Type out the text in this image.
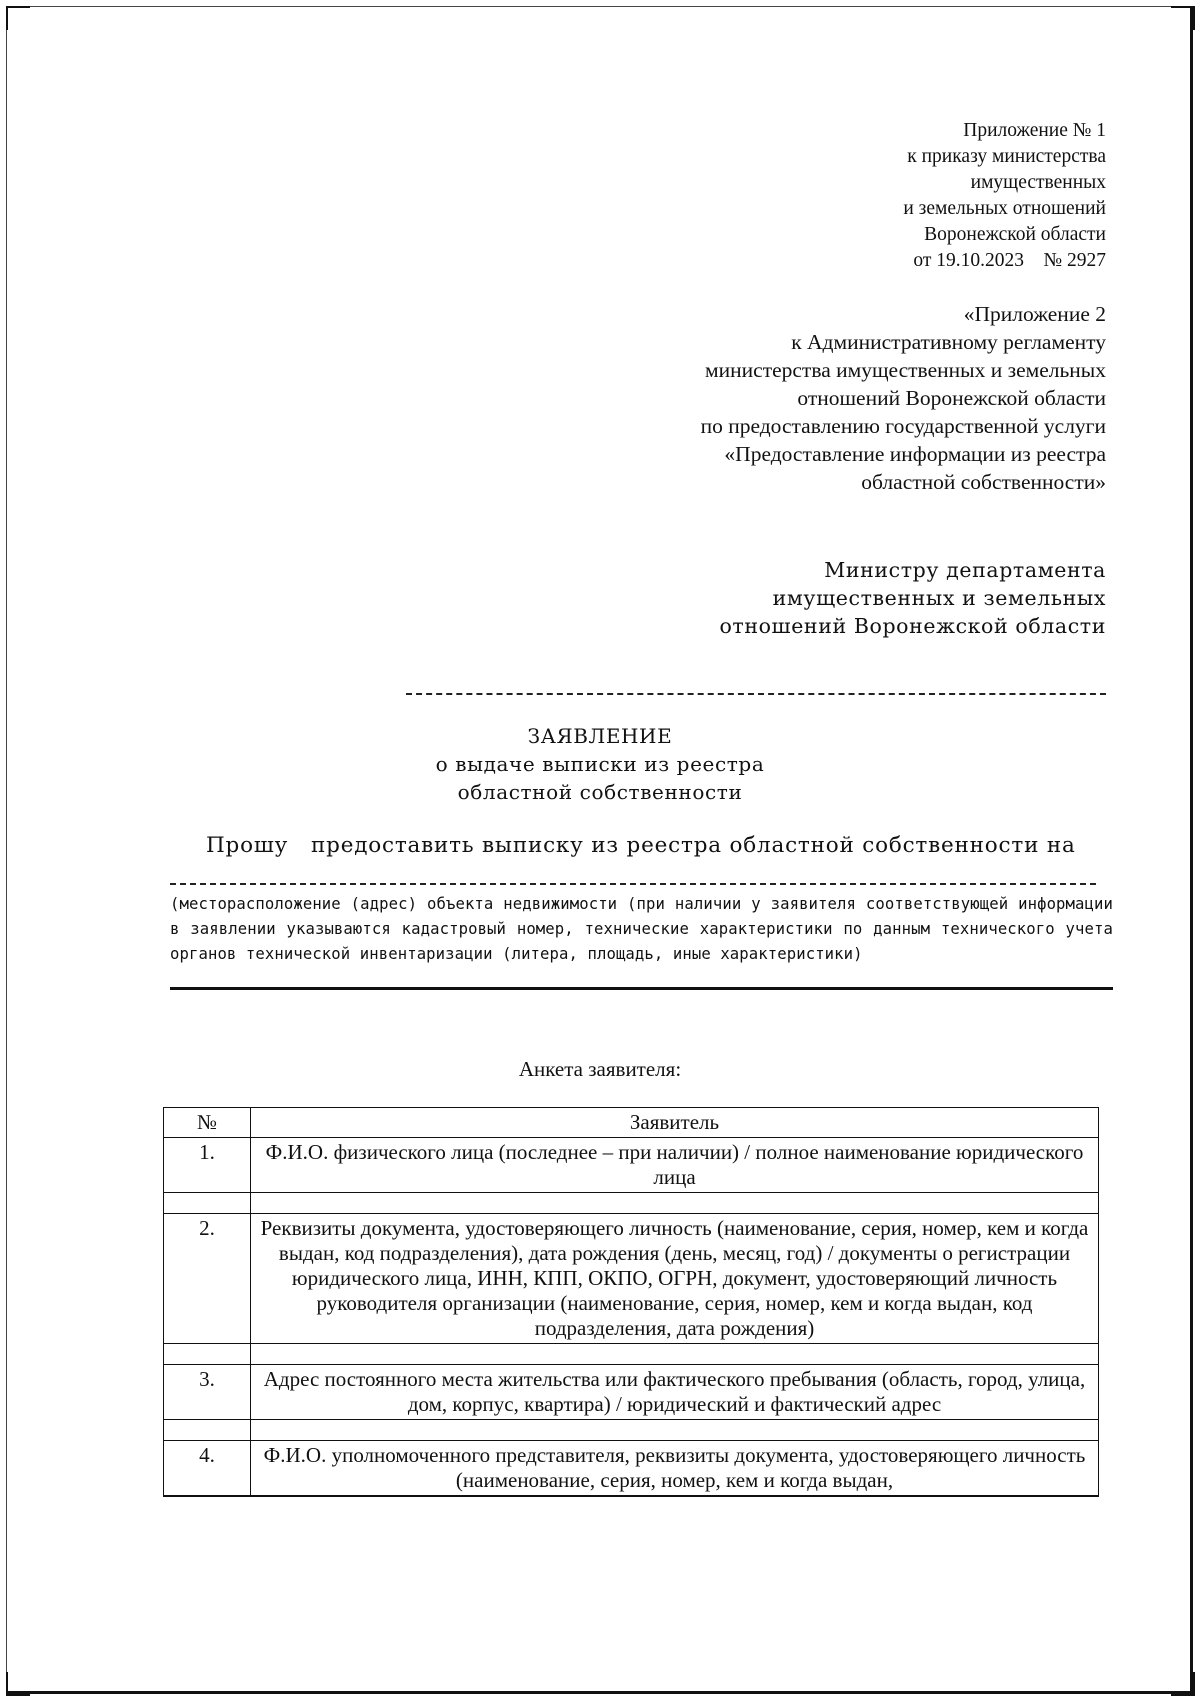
Приложение № 1
к приказу министерства
имущественных
и земельных отношений
Воронежской области
от 19.10.2023    № 2927
«Приложение 2
к Административному регламенту
министерства имущественных и земельных
отношений Воронежской области
по предоставлению государственной услуги
«Предоставление информации из реестра
областной собственности»
Министру департамента
имущественных и земельных
отношений Воронежской области
ЗАЯВЛЕНИЕ
о выдаче выписки из реестра
областной собственности
Прошу   предоставить выписку из реестра областной собственности на
(месторасположение (адрес) объекта недвижимости (при наличии у заявителя соответствующей информации в заявлении указываются кадастровый номер, технические характеристики по данным технического учета органов технической инвентаризации (литера, площадь, иные характеристики)
Анкета заявителя:
№	Заявитель
1.	Ф.И.О. физического лица (последнее – при наличии) / полное наименование юридического лица

2.	Реквизиты документа, удостоверяющего личность (наименование, серия, номер, кем и когда выдан, код подразделения), дата рождения (день, месяц, год) / документы о регистрации юридического лица, ИНН, КПП, ОКПО, ОГРН, документ, удостоверяющий личность руководителя организации (наименование, серия, номер, кем и когда выдан, код подразделения, дата рождения)

3.	Адрес постоянного места жительства или фактического пребывания (область, город, улица, дом, корпус, квартира) / юридический и фактический адрес

4.	Ф.И.О. уполномоченного представителя, реквизиты документа, удостоверяющего личность (наименование, серия, номер, кем и когда выдан,
